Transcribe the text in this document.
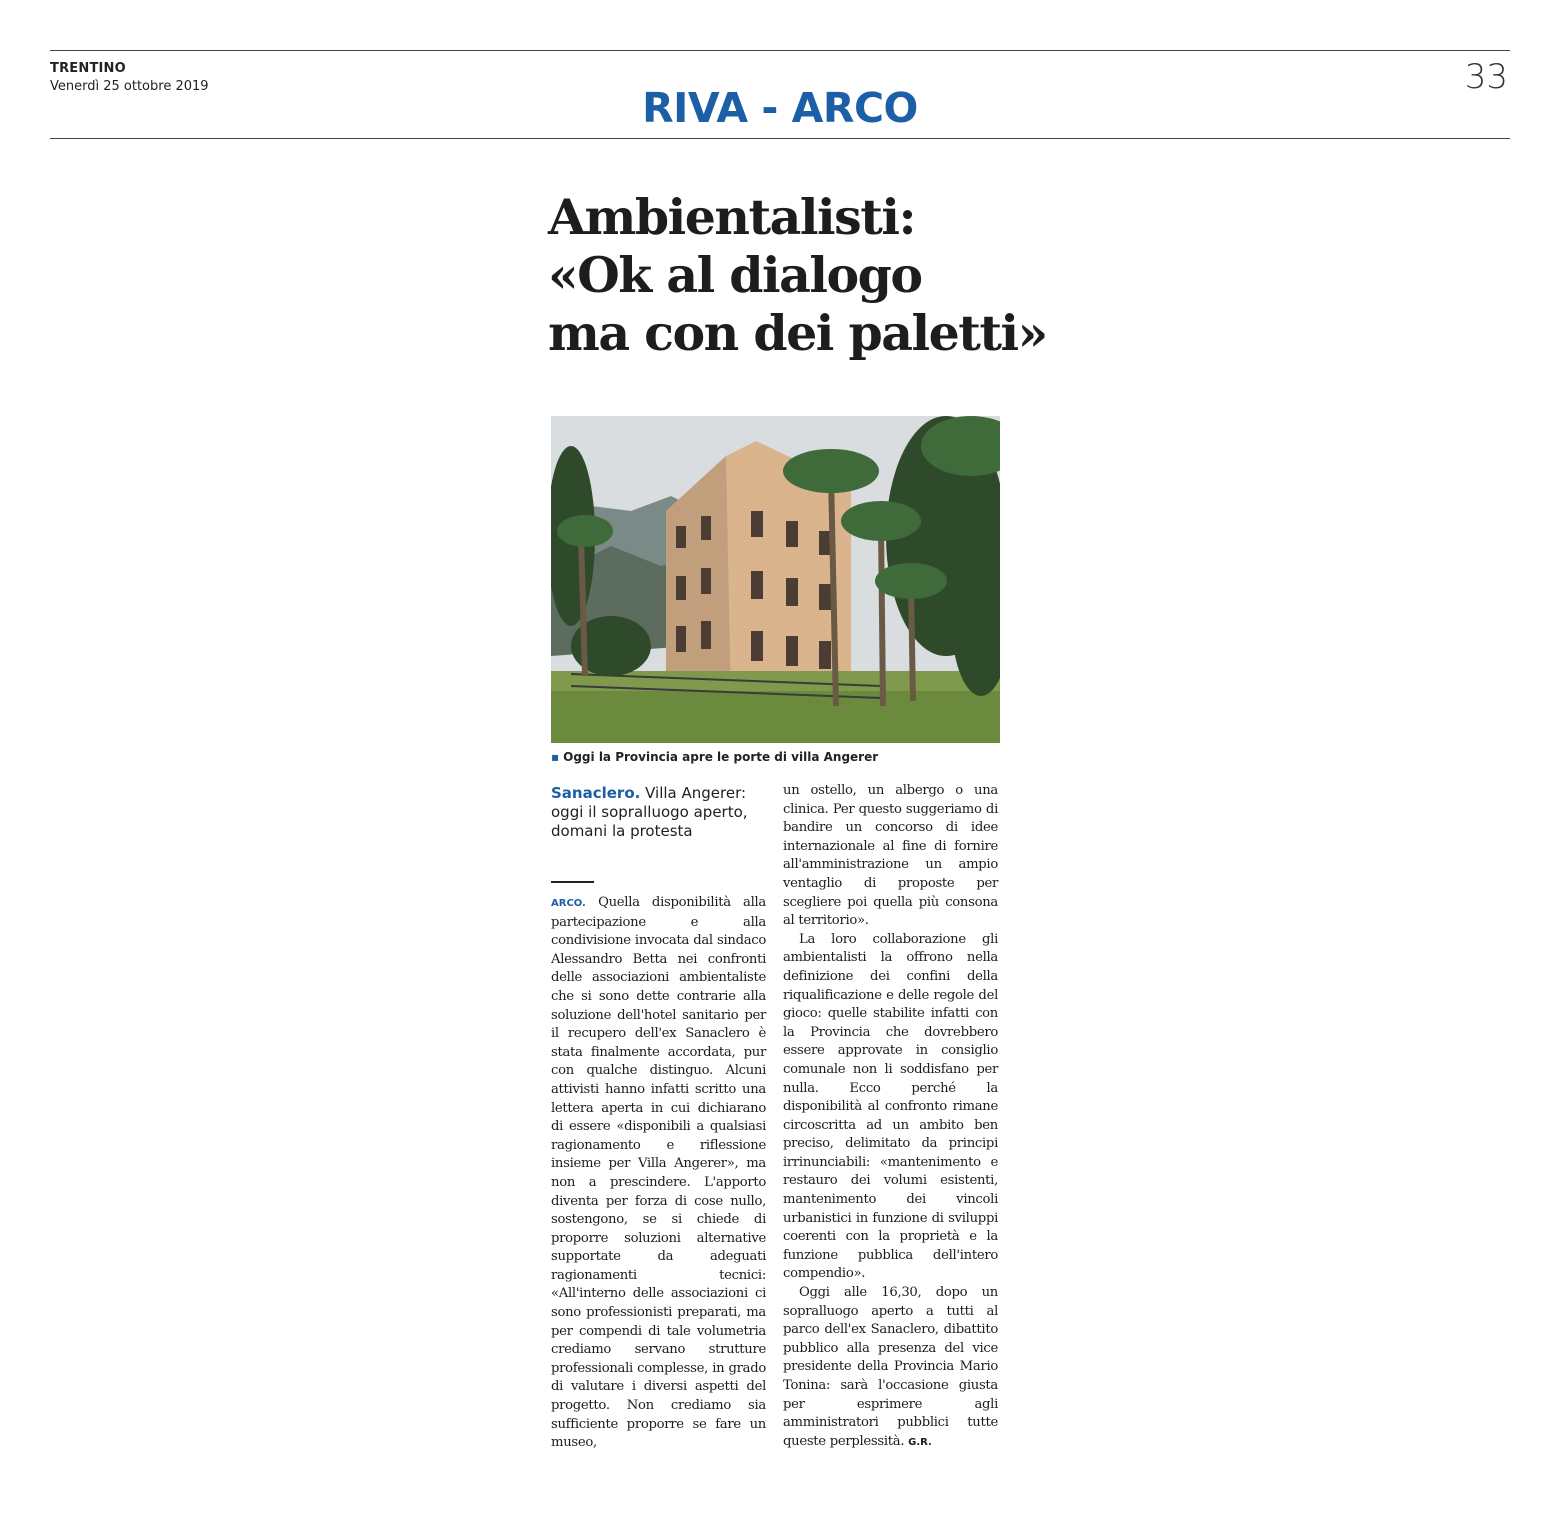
TRENTINO
Venerdì 25 ottobre 2019	33
RIVA - ARCO
Ambientalisti:
«Ok al dialogo
ma con dei paletti»
▪ Oggi la Provincia apre le porte di villa Angerer
Sanaclero. Villa Angerer: oggi il sopralluogo aperto, domani la protesta

ARCO. Quella disponibilità alla partecipazione e alla condivisione invocata dal sindaco Alessandro Betta nei confronti delle associazioni ambientaliste che si sono dette contrarie alla soluzione dell'hotel sanitario per il recupero dell'ex Sanaclero è stata finalmente accordata, pur con qualche distinguo. Alcuni attivisti hanno infatti scritto una lettera aperta in cui dichiarano di essere «disponibili a qualsiasi ragionamento e riflessione insieme per Villa Angerer», ma non a prescindere. L'apporto diventa per forza di cose nullo, sostengono, se si chiede di proporre soluzioni alternative supportate da adeguati ragionamenti tecnici: «All'interno delle associazioni ci sono professionisti preparati, ma per compendi di tale volumetria crediamo servano strutture professionali complesse, in grado di valutare i diversi aspetti del progetto. Non crediamo sia sufficiente proporre se fare un museo,

un ostello, un albergo o una clinica. Per questo suggeriamo di bandire un concorso di idee internazionale al fine di fornire all'amministrazione un ampio ventaglio di proposte per scegliere poi quella più consona al territorio».

La loro collaborazione gli ambientalisti la offrono nella definizione dei confini della riqualificazione e delle regole del gioco: quelle stabilite infatti con la Provincia che dovrebbero essere approvate in consiglio comunale non li soddisfano per nulla. Ecco perché la disponibilità al confronto rimane circoscritta ad un ambito ben preciso, delimitato da principi irrinunciabili: «mantenimento e restauro dei volumi esistenti, mantenimento dei vincoli urbanistici in funzione di sviluppi coerenti con la proprietà e la funzione pubblica dell'intero compendio».

Oggi alle 16,30, dopo un sopralluogo aperto a tutti al parco dell'ex Sanaclero, dibattito pubblico alla presenza del vice presidente della Provincia Mario Tonina: sarà l'occasione giusta per esprimere agli amministratori pubblici tutte queste perplessità. G.R.
